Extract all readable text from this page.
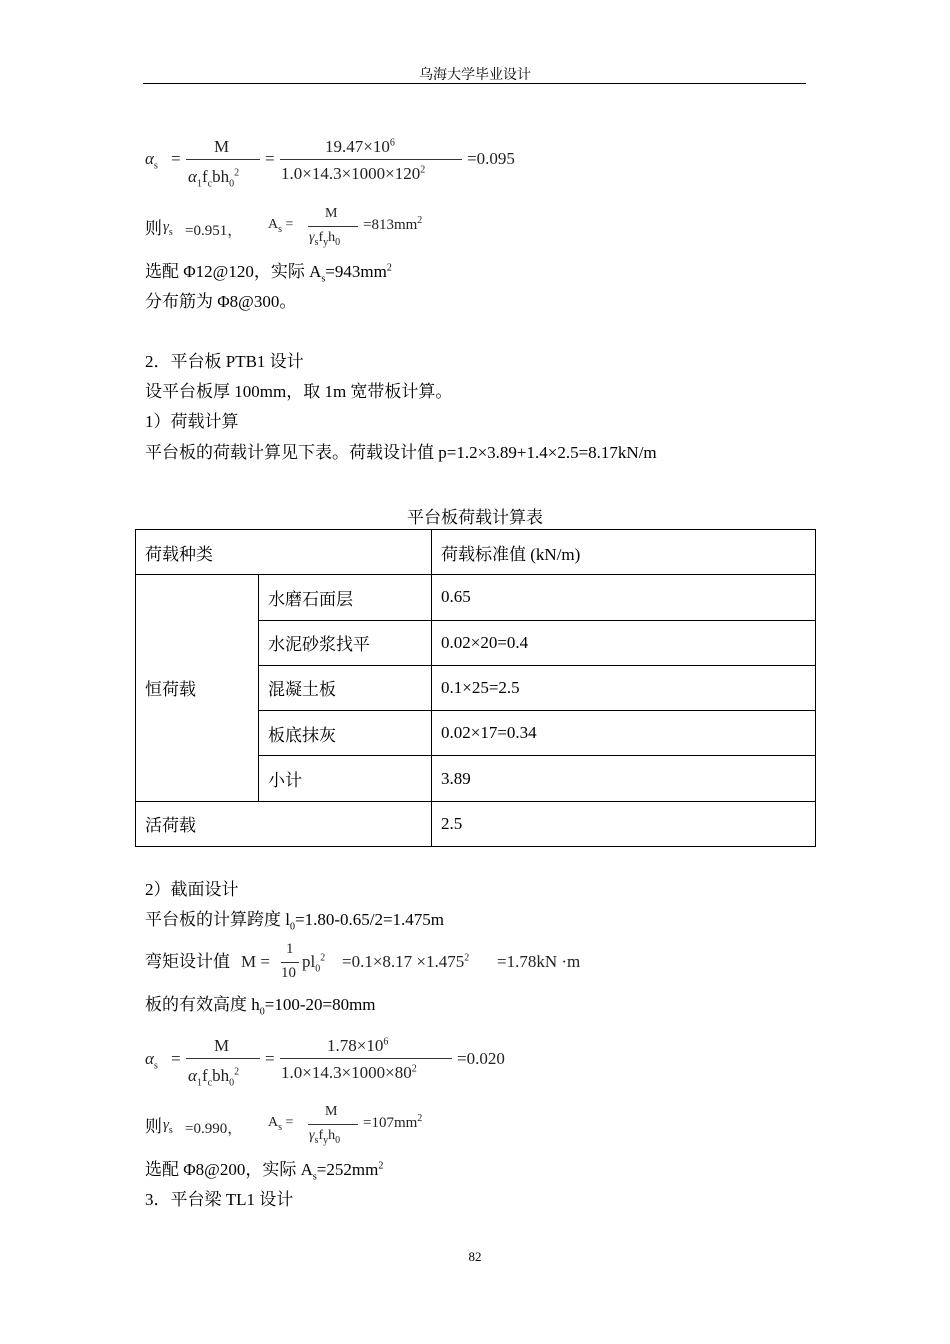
乌海大学毕业设计
$\alpha_s$ =
M
$\alpha_1f_cbh_0^2$
=
$19.47\times 10^6$
$1.0\times 14.3\times 1000\times 120^2$
=0.095
则 $\gamma_s =0.951$， $A_s$ =
M
$\gamma_sf_yh_0$
$=813mm^2$
选配 Φ12@120，实际 $A_s=943mm^2$
分布筋为 Φ8@300。
2．平台板 PTB1 设计
设平台板厚 100mm，取 1m 宽带板计算。
1）荷载计算
平台板的荷载计算见下表。荷载设计值 p=1.2×3.89+1.4×2.5=8.17kN/m
平台板荷载计算表
荷载种类		荷载标准值 (kN/m)
恒荷载	水磨石面层	0.65
	水泥砂浆找平	0.02×20=0.4
	混凝土板	0.1×25=2.5
	板底抹灰	0.02×17=0.34
	小计	3.89
活荷载		2.5
2）截面设计
平台板的计算跨度 $l_0=1.80-0.65/2=1.475m$
弯矩设计值 M =
1
10
$pl_0^2 =0.1\times 8.17 \times 1.475^2 =1.78kN \cdot m$
板的有效高度 $h_0=100-20=80mm$
$\alpha_s$ =
M
$\alpha_1f_cbh_0^2$
=
$1.78\times 10^6$
$1.0\times 14.3\times 1000\times 80^2$
=0.020
则 $\gamma_s =0.990$， $A_s$ =
M
$\gamma_sf_yh_0$
$=107mm^2$
选配 Φ8@200，实际 $A_s=252mm^2$
3．平台梁 TL1 设计
82
